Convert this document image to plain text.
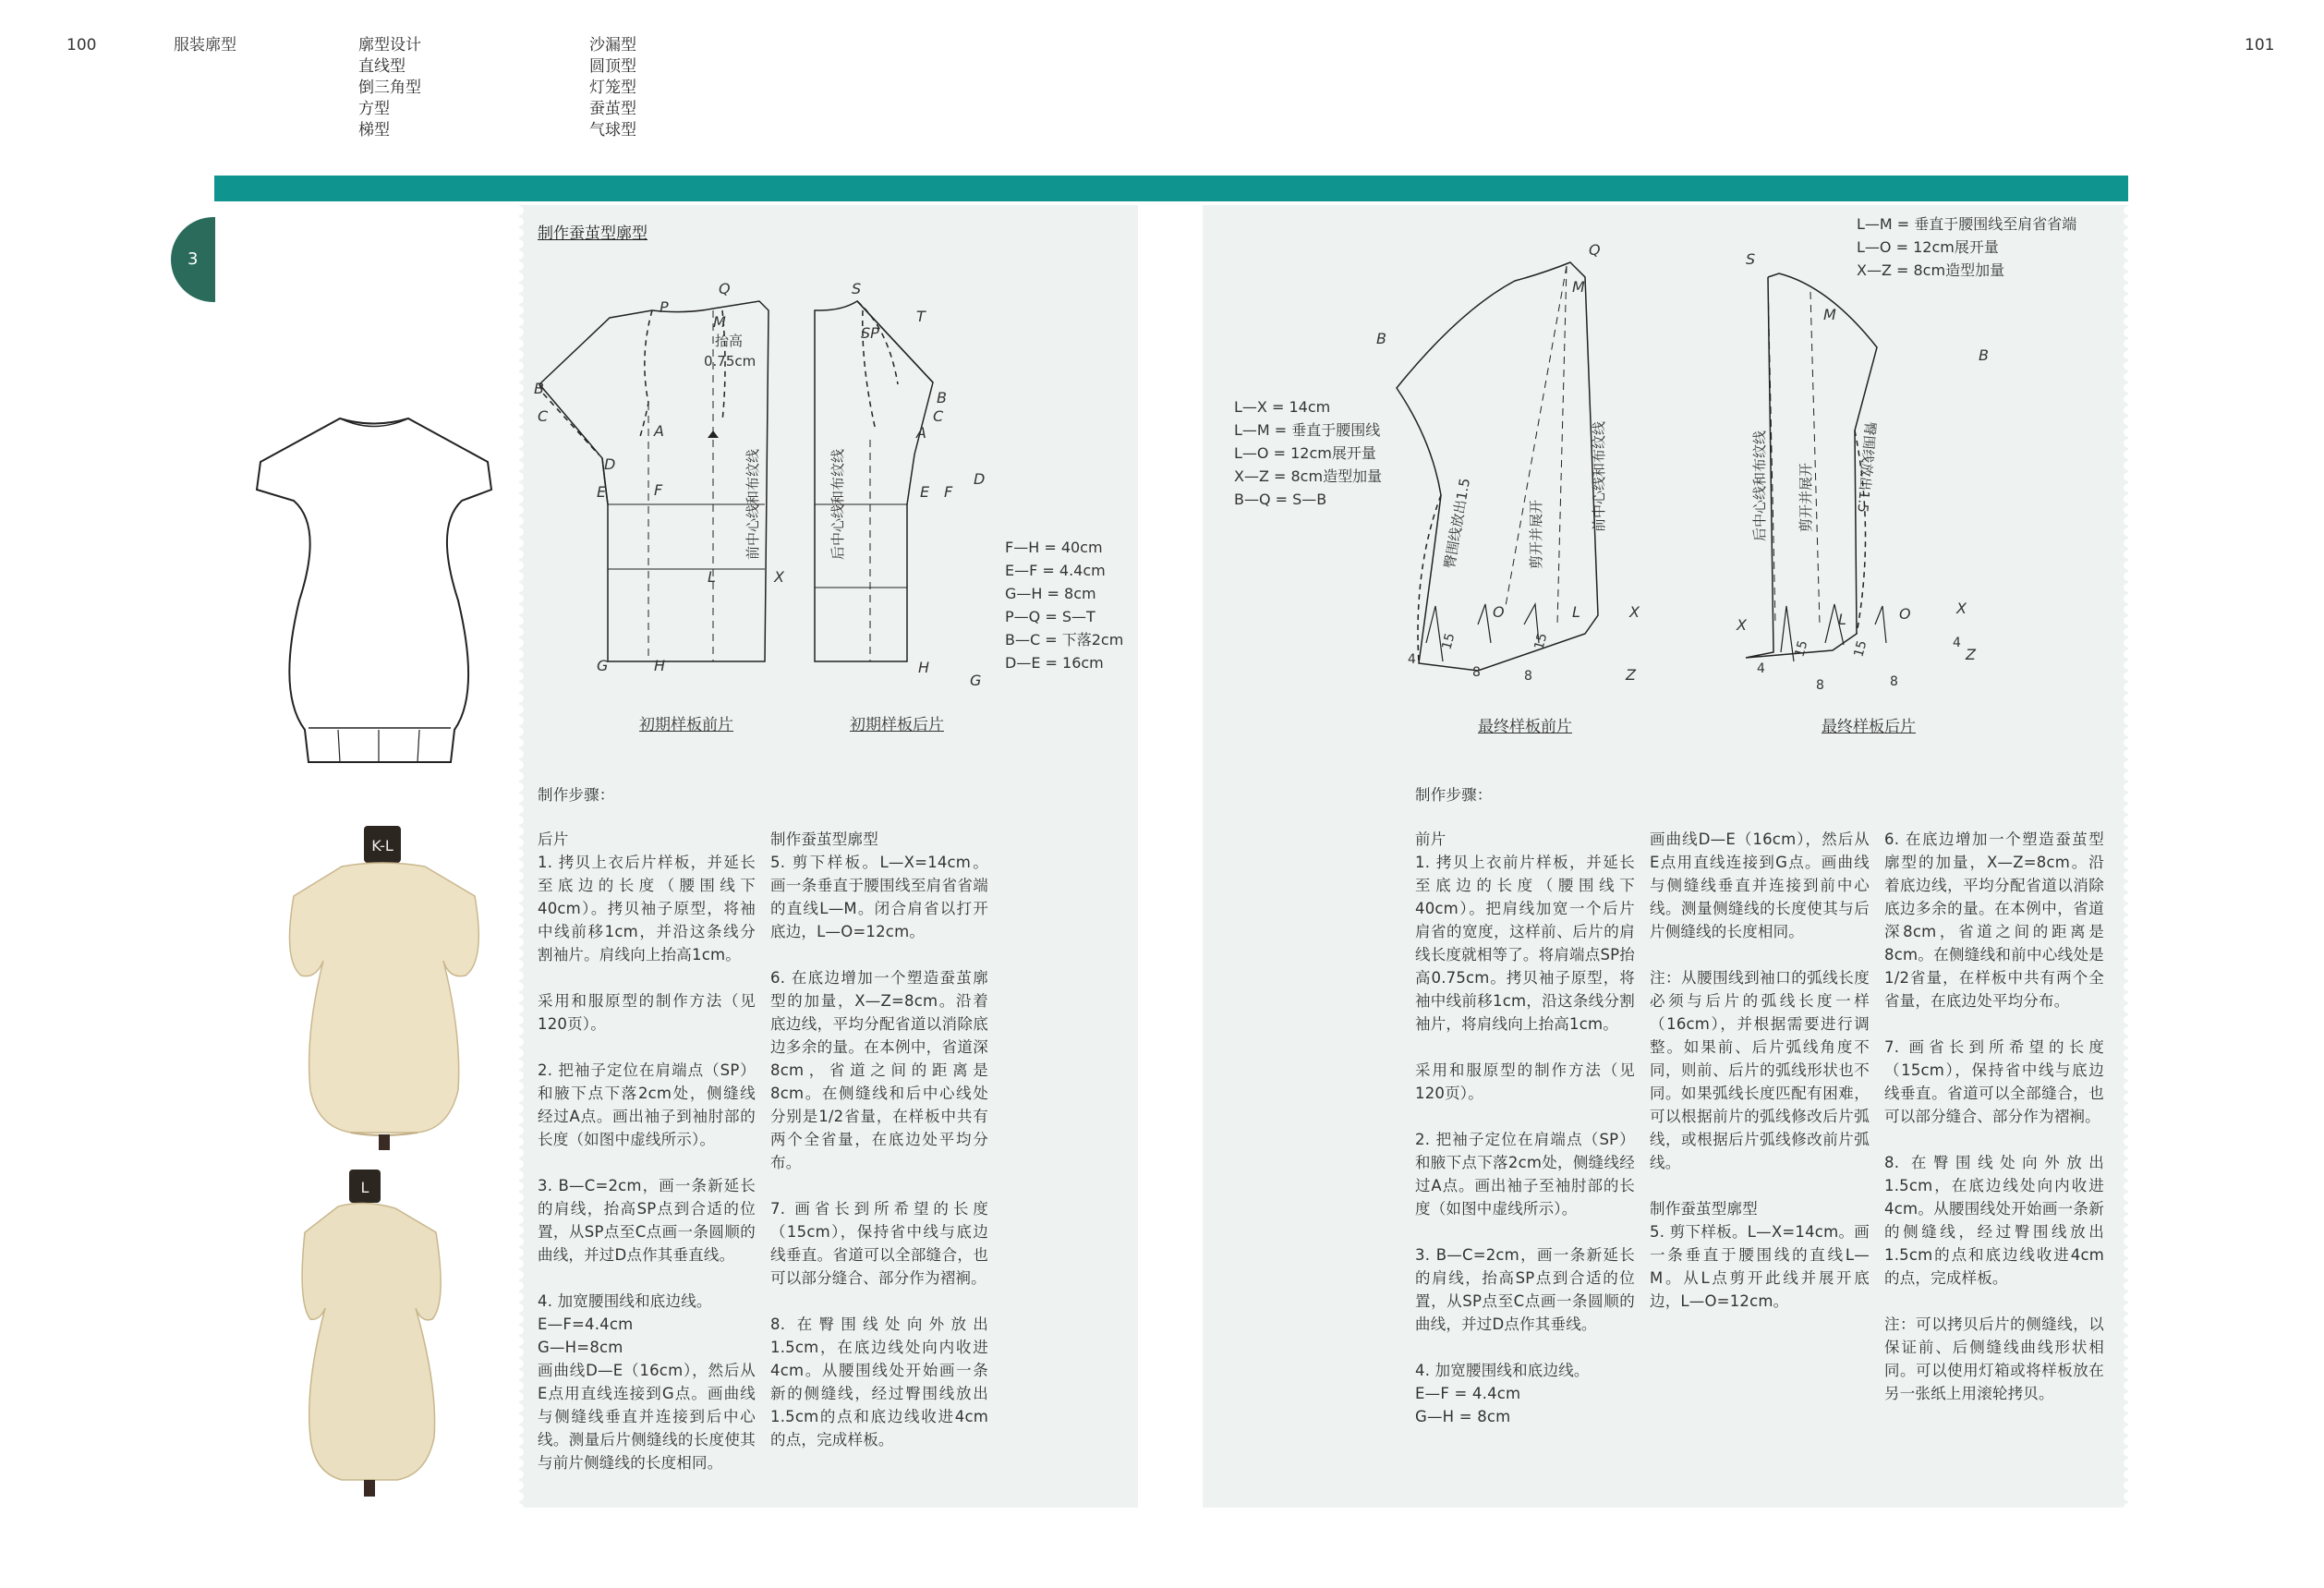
100	101
服装廓型	廓型设计
直线型
倒三角型
方型
梯型
沙漏型
圆顶型
灯笼型
蚕茧型
气球型
3
K-L
L
制作蚕茧型廓型
P
Q
M
B
C
A
D
E	F
L	X
G	H
S
T
SP
A
B
C
D
E F
H
G
抬高
0.75cm
前中心线和布纹线	后中心线和布纹线	F—H = 40cm
E—F = 4.4cm
G—H = 8cm
P—Q = S—T
B—C = 下落2cm
D—E = 16cm
初期样板前片	初期样板后片
制作步骤：
后片
1. 拷贝上衣后片样板，并延长至底边的长度（腰围线下40cm）。拷贝袖子原型，将袖中线前移1cm，并沿这条线分割袖片。肩线向上抬高1cm。

采用和服原型的制作方法（见120页）。

2. 把袖子定位在肩端点（SP）和腋下点下落2cm处，侧缝线经过A点。画出袖子到袖肘部的长度（如图中虚线所示）。

3. B—C=2cm，画一条新延长的肩线，抬高SP点到合适的位置，从SP点至C点画一条圆顺的曲线，并过D点作其垂直线。

4. 加宽腰围线和底边线。
E—F=4.4cm
G—H=8cm
画曲线D—E（16cm），然后从E点用直线连接到G点。画曲线与侧缝线垂直并连接到后中心线。测量后片侧缝线的长度使其与前片侧缝线的长度相同。
制作蚕茧型廓型
5. 剪下样板。L—X=14cm。画一条垂直于腰围线至肩省省端的直线L—M。闭合肩省以打开底边，L—O=12cm。

6. 在底边增加一个塑造蚕茧廓型的加量，X—Z=8cm。沿着底边线，平均分配省道以消除底边多余的量。在本例中，省道深8cm，省道之间的距离是8cm。在侧缝线和后中心线处分别是1/2省量，在样板中共有两个全省量，在底边处平均分布。

7. 画省长到所希望的长度（15cm），保持省中线与底边线垂直。省道可以全部缝合，也可以部分缝合、部分作为褶裥。

8. 在臀围线处向外放出1.5cm，在底边线处向内收进4cm。从腰围线处开始画一条新的侧缝线，经过臀围线放出1.5cm的点和底边线收进4cm的点，完成样板。
L—X = 14cm
L—M = 垂直于腰围线
L—O = 12cm展开量
X—Z = 8cm造型加量
B—Q = S—B
L—M = 垂直于腰围线至肩省省端
L—O = 12cm展开量
X—Z = 8cm造型加量
Q
M
B
O	L	X
Z
S
M
B
X	L	O	X
Z
4
8	8
15	15
4
4
8	8
15	15
臀围线放出1.5	剪开并展开
前中心线和布纹线	后中心线和布纹线 剪开并展开	臀围线放出1.5
最终样板前片	最终样板后片
制作步骤：
前片
1. 拷贝上衣前片样板，并延长至底边的长度（腰围线下40cm）。把肩线加宽一个后片肩省的宽度，这样前、后片的肩线长度就相等了。将肩端点SP抬高0.75cm。拷贝袖子原型，将袖中线前移1cm，沿这条线分割袖片，将肩线向上抬高1cm。

采用和服原型的制作方法（见120页）。

2. 把袖子定位在肩端点（SP）和腋下点下落2cm处，侧缝线经过A点。画出袖子至袖肘部的长度（如图中虚线所示）。

3. B—C=2cm，画一条新延长的肩线，抬高SP点到合适的位置，从SP点至C点画一条圆顺的曲线，并过D点作其垂线。

4. 加宽腰围线和底边线。
E—F = 4.4cm
G—H = 8cm
画曲线D—E（16cm），然后从E点用直线连接到G点。画曲线与侧缝线垂直并连接到前中心线。测量侧缝线的长度使其与后片侧缝线的长度相同。

注：从腰围线到袖口的弧线长度必须与后片的弧线长度一样（16cm），并根据需要进行调整。如果前、后片弧线角度不同，则前、后片的弧线形状也不同。如果弧线长度匹配有困难，可以根据前片的弧线修改后片弧线，或根据后片弧线修改前片弧线。

制作蚕茧型廓型
5. 剪下样板。L—X=14cm。画一条垂直于腰围线的直线L—M。从L点剪开此线并展开底边，L—O=12cm。
6. 在底边增加一个塑造蚕茧型廓型的加量，X—Z=8cm。沿着底边线，平均分配省道以消除底边多余的量。在本例中，省道深8cm，省道之间的距离是8cm。在侧缝线和前中心线处是1/2省量，在样板中共有两个全省量，在底边处平均分布。

7. 画省长到所希望的长度（15cm），保持省中线与底边线垂直。省道可以全部缝合，也可以部分缝合、部分作为褶裥。

8. 在臀围线处向外放出1.5cm，在底边线处向内收进4cm。从腰围线处开始画一条新的侧缝线，经过臀围线放出1.5cm的点和底边线收进4cm的点，完成样板。

注：可以拷贝后片的侧缝线，以保证前、后侧缝线曲线形状相同。可以使用灯箱或将样板放在另一张纸上用滚轮拷贝。
